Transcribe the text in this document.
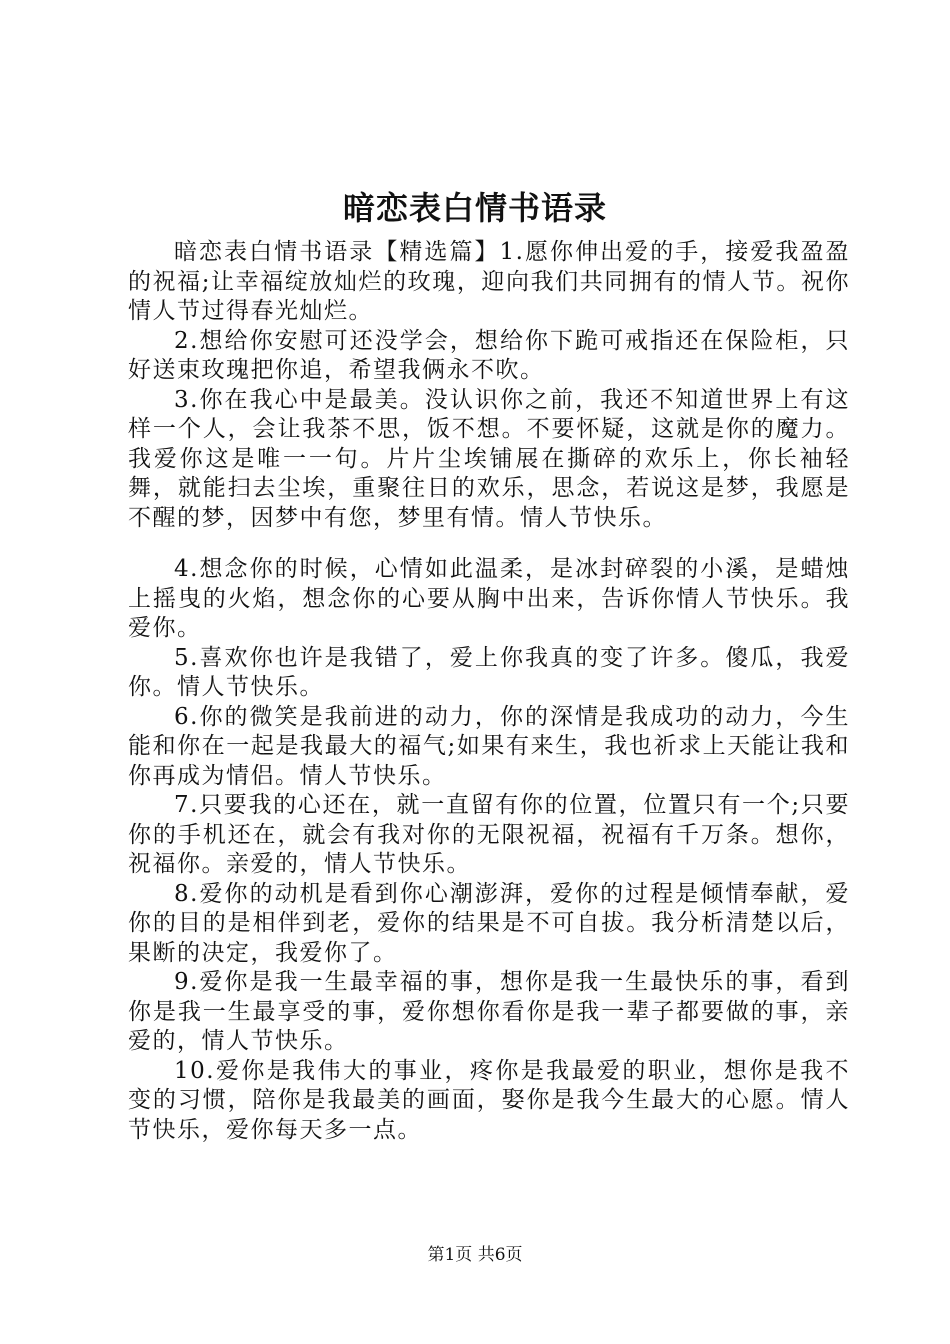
暗恋表白情书语录

暗恋表白情书语录【精选篇】1.愿你伸出爱的手，接爱我盈盈的祝福;让幸福绽放灿烂的玫瑰，迎向我们共同拥有的情人节。祝你情人节过得春光灿烂。

2.想给你安慰可还没学会，想给你下跪可戒指还在保险柜，只好送束玫瑰把你追，希望我俩永不吹。

3.你在我心中是最美。没认识你之前，我还不知道世界上有这样一个人，会让我茶不思，饭不想。不要怀疑，这就是你的魔力。我爱你这是唯一一句。片片尘埃铺展在撕碎的欢乐上，你长袖轻舞，就能扫去尘埃，重聚往日的欢乐，思念，若说这是梦，我愿是不醒的梦，因梦中有您，梦里有情。情人节快乐。

4.想念你的时候，心情如此温柔，是冰封碎裂的小溪，是蜡烛上摇曳的火焰，想念你的心要从胸中出来，告诉你情人节快乐。我爱你。

5.喜欢你也许是我错了，爱上你我真的变了许多。傻瓜，我爱你。情人节快乐。

6.你的微笑是我前进的动力，你的深情是我成功的动力，今生能和你在一起是我最大的福气;如果有来生，我也祈求上天能让我和你再成为情侣。情人节快乐。

7.只要我的心还在，就一直留有你的位置，位置只有一个;只要你的手机还在，就会有我对你的无限祝福，祝福有千万条。想你，祝福你。亲爱的，情人节快乐。

8.爱你的动机是看到你心潮澎湃，爱你的过程是倾情奉献，爱你的目的是相伴到老，爱你的结果是不可自拔。我分析清楚以后，果断的决定，我爱你了。

9.爱你是我一生最幸福的事，想你是我一生最快乐的事，看到你是我一生最享受的事，爱你想你看你是我一辈子都要做的事，亲爱的，情人节快乐。

10.爱你是我伟大的事业，疼你是我最爱的职业，想你是我不变的习惯，陪你是我最美的画面，娶你是我今生最大的心愿。情人节快乐，爱你每天多一点。

第1页 共6页
